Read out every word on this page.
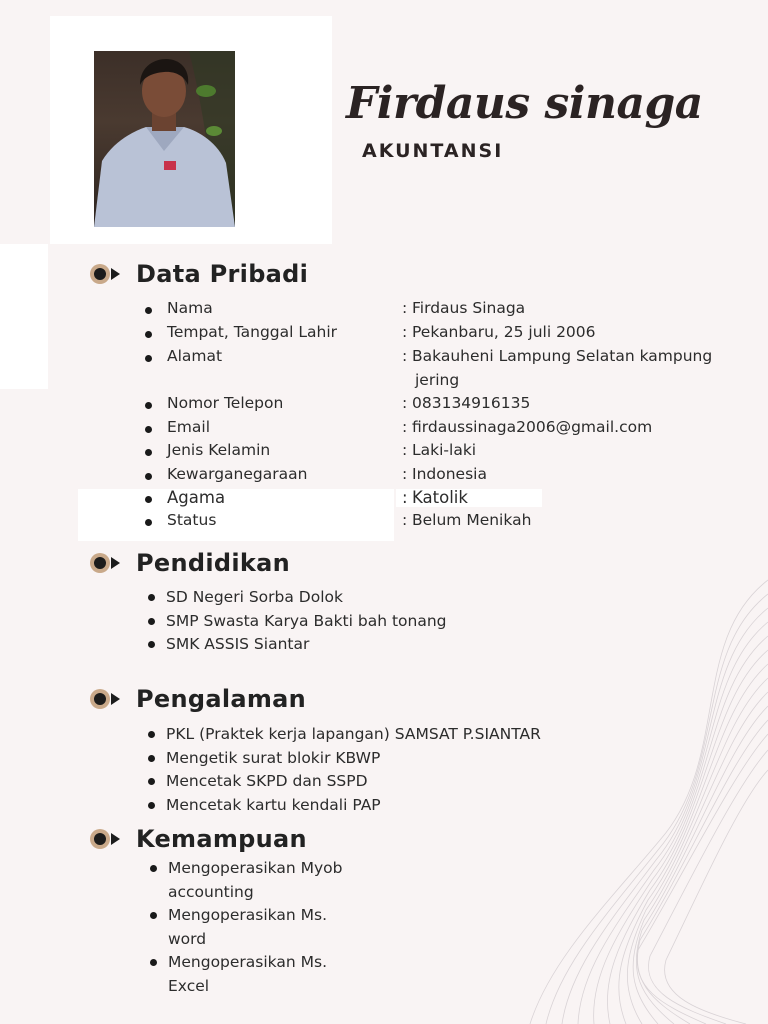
Firdaus sinaga
AKUNTANSI
Data Pribadi
Nama	: Firdaus Sinaga
Tempat, Tanggal Lahir	: Pekanbaru, 25 juli 2006
Alamat	: Bakauheni Lampung Selatan kampung
jering
Nomor Telepon	: 083134916135
Email	: firdaussinaga2006@gmail.com
Jenis Kelamin	: Laki-laki
Kewarganegaraan	: Indonesia
Agama	: Katolik
Status	: Belum Menikah
Pendidikan
SD Negeri Sorba Dolok
SMP Swasta Karya Bakti bah tonang
SMK ASSIS Siantar
Pengalaman
PKL (Praktek kerja lapangan) SAMSAT P.SIANTAR
Mengetik surat blokir KBWP
Mencetak SKPD dan SSPD
Mencetak kartu kendali PAP
Kemampuan
Mengoperasikan Myob
accounting
Mengoperasikan Ms.
word
Mengoperasikan Ms.
Excel
